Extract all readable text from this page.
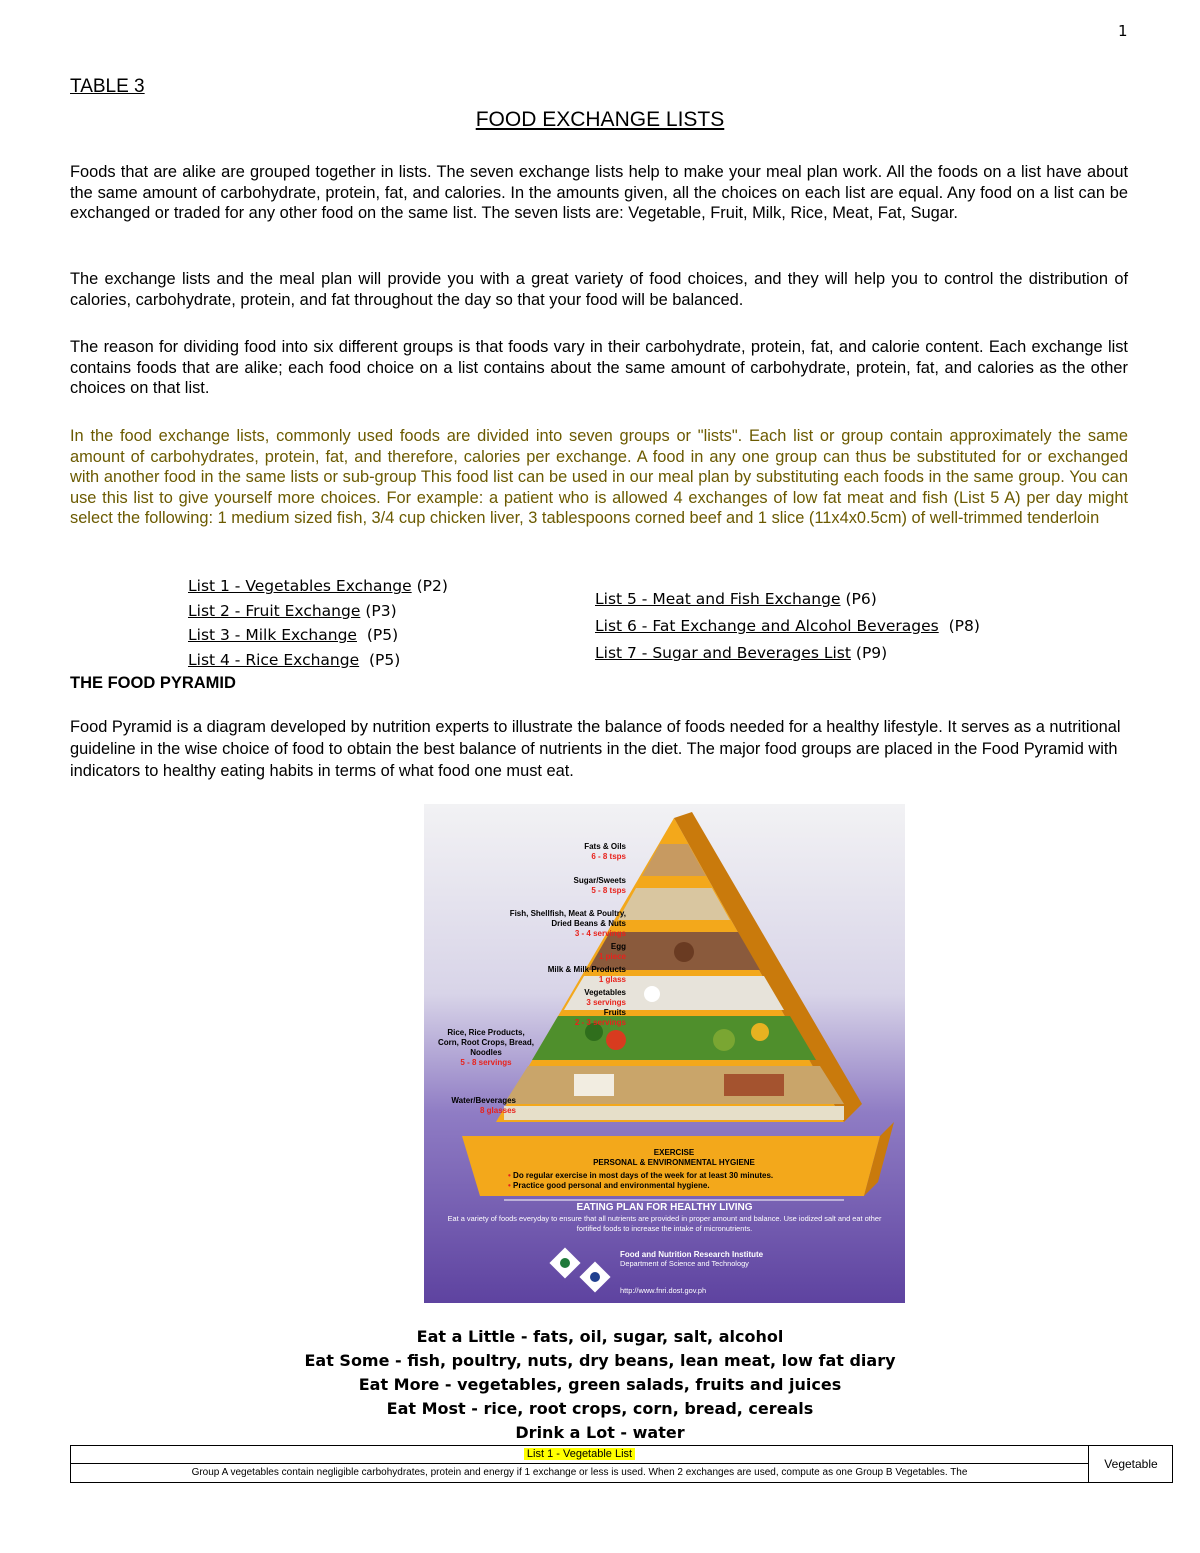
1
TABLE 3
FOOD EXCHANGE LISTS

Foods that are alike are grouped together in lists. The seven exchange lists help to make your meal plan work. All the foods on a list have about the same amount of carbohydrate, protein, fat, and calories. In the amounts given, all the choices on each list are equal. Any food on a list can be exchanged or traded for any other food on the same list. The seven lists are: Vegetable, Fruit, Milk, Rice, Meat, Fat, Sugar.

The exchange lists and the meal plan will provide you with a great variety of food choices, and they will help you to control the distribution of calories, carbohydrate, protein, and fat throughout the day so that your food will be balanced.

The reason for dividing food into six different groups is that foods vary in their carbohydrate, protein, fat, and calorie content. Each exchange list contains foods that are alike; each food choice on a list contains about the same amount of carbohydrate, protein, fat, and calories as the other choices on that list.

In the food exchange lists, commonly used foods are divided into seven groups or "lists". Each list or group contain approximately the same amount of carbohydrates, protein, fat, and therefore, calories per exchange. A food in any one group can thus be substituted for or exchanged with another food in the same lists or sub-group This food list can be used in our meal plan by substituting each foods in the same group. You can use this list to give yourself more choices. For example: a patient who is allowed 4 exchanges of low fat meat and fish (List 5 A) per day might select the following: 1 medium sized fish, 3/4 cup chicken liver, 3 tablespoons corned beef and 1 slice (11x4x0.5cm) of well-trimmed tenderloin

List 1 - Vegetables Exchange (P2)
List 2 - Fruit Exchange (P3)
List 3 - Milk Exchange (P5)
List 4 - Rice Exchange (P5)
List 5 - Meat and Fish Exchange (P6)
List 6 - Fat Exchange and Alcohol Beverages (P8)
List 7 - Sugar and Beverages List (P9)
THE FOOD PYRAMID

Food Pyramid is a diagram developed by nutrition experts to illustrate the balance of foods needed for a healthy lifestyle. It serves as a nutritional guideline in the wise choice of food to obtain the best balance of nutrients in the diet. The major food groups are placed in the Food Pyramid with indicators to healthy eating habits in terms of what food one must eat.

Fats & Oils
6 - 8 tsps
Sugar/Sweets
5 - 8 tsps
Fish, Shellfish, Meat & Poultry, Dried Beans & Nuts
3 - 4 servings
Egg
1 piece
Milk & Milk Products
1 glass
Vegetables
3 servings
Fruits
2 - 3 servings
Rice, Rice Products, Corn, Root Crops, Bread, Noodles
5 - 8 servings
Water/Beverages
8 glasses
EXERCISE
PERSONAL & ENVIRONMENTAL HYGIENE
• Do regular exercise in most days of the week for at least 30 minutes.
• Practice good personal and environmental hygiene.
EATING PLAN FOR HEALTHY LIVING
Eat a variety of foods everyday to ensure that all nutrients are provided in proper amount and balance. Use iodized salt and eat other fortified foods to increase the intake of micronutrients.
Food and Nutrition Research Institute
Department of Science and Technology
http://www.fnri.dost.gov.ph
Eat a Little - fats, oil, sugar, salt, alcohol
Eat Some - fish, poultry, nuts, dry beans, lean meat, low fat diary
Eat More - vegetables, green salads, fruits and juices
Eat Most - rice, root crops, corn, bread, cereals
Drink a Lot - water
List 1 - Vegetable List
Group A vegetables contain negligible carbohydrates, protein and energy if 1 exchange or less is used. When 2 exchanges are used, compute as one Group B Vegetables. The
Vegetable
